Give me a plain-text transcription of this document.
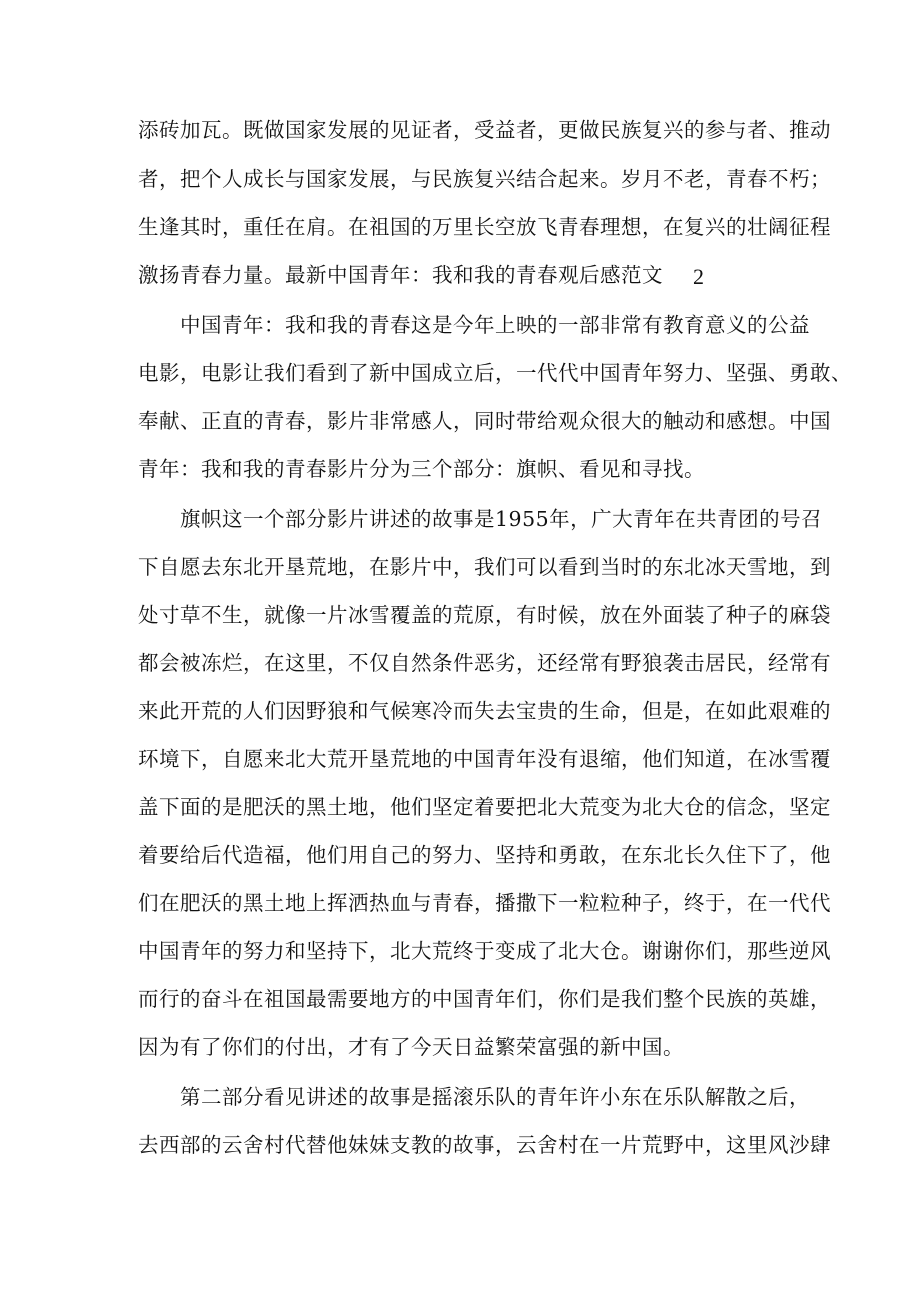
添砖加瓦。既做国家发展的见证者，受益者，更做民族复兴的参与者、推动

者，把个人成长与国家发展，与民族复兴结合起来。岁月不老，青春不朽；

生逢其时，重任在肩。在祖国的万里长空放飞青春理想，在复兴的壮阔征程

激扬青春力量。最新中国青年：我和我的青春观后感范文	2

中国青年：我和我的青春这是今年上映的一部非常有教育意义的公益

电影，电影让我们看到了新中国成立后，一代代中国青年努力、坚强、勇敢、

奉献、正直的青春，影片非常感人，同时带给观众很大的触动和感想。中国

青年：我和我的青春影片分为三个部分：旗帜、看见和寻找。

旗帜这一个部分影片讲述的故事是1955年，广大青年在共青团的号召

下自愿去东北开垦荒地，在影片中，我们可以看到当时的东北冰天雪地，到

处寸草不生，就像一片冰雪覆盖的荒原，有时候，放在外面装了种子的麻袋

都会被冻烂，在这里，不仅自然条件恶劣，还经常有野狼袭击居民，经常有

来此开荒的人们因野狼和气候寒冷而失去宝贵的生命，但是，在如此艰难的

环境下，自愿来北大荒开垦荒地的中国青年没有退缩，他们知道，在冰雪覆

盖下面的是肥沃的黑土地，他们坚定着要把北大荒变为北大仓的信念，坚定

着要给后代造福，他们用自己的努力、坚持和勇敢，在东北长久住下了，他

们在肥沃的黑土地上挥洒热血与青春，播撒下一粒粒种子，终于，在一代代

中国青年的努力和坚持下，北大荒终于变成了北大仓。谢谢你们，那些逆风

而行的奋斗在祖国最需要地方的中国青年们，你们是我们整个民族的英雄，

因为有了你们的付出，才有了今天日益繁荣富强的新中国。

第二部分看见讲述的故事是摇滚乐队的青年许小东在乐队解散之后，

去西部的云舍村代替他妹妹支教的故事，云舍村在一片荒野中，这里风沙肆
